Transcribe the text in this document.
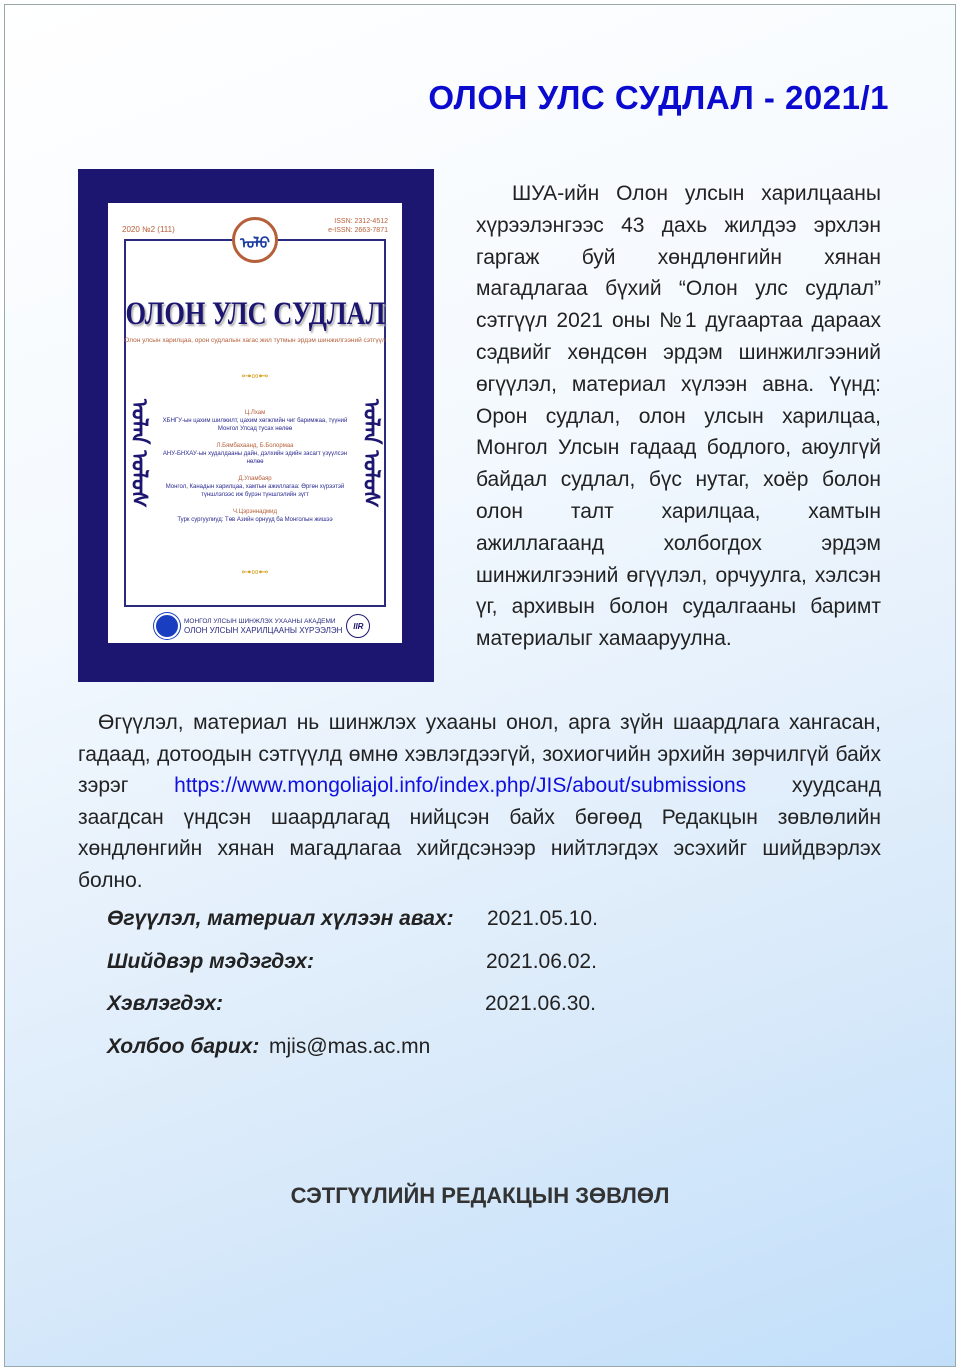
ОЛОН УЛС СУДЛАЛ - 2021/1
2020 №2 (111)
ISSN: 2312-4512
e-ISSN: 2663-7871
ᠤᠯᠤ
ОЛОН УЛС СУДЛАЛ
Олон улсын харилцаа, орон судлалын хагас жил тутмын эрдэм шинжилгээний сэтгүүл
⊶∞⊷
ᠣᠯᠠᠨ ᠤᠯᠤᠰ	ᠣᠯᠠᠨ ᠤᠯᠤᠰ
Ц.Лхам
ХБНГУ-ын цахим шилжилт, цахим хөгжлийн чиг баримжаа, түүний Монгол Улсад тусах нөлөө
Л.Бямбахаанд, Б.Болормаа
АНУ-БНХАУ-ын худалдааны дайн, дэлхийн эдийн засагт үзүүлсэн нөлөө
Д.Уламбаяр
Монгол, Канадын харилцаа, хамтын ажиллагаа: Өргөн хүрээтэй түншлэлээс иж бүрэн түншлэлийн зүгт
Ч.Цэрэннадмид
Турк сургуулиуд: Төв Азийн орнууд ба Монголын жишээ
⊶∞⊷
МОНГОЛ УЛСЫН ШИНЖЛЭХ УХААНЫ АКАДЕМИ
ОЛОН УЛСЫН ХАРИЛЦААНЫ ХҮРЭЭЛЭН	IIR
ШУА-ийн Олон улсын харилцааны хүрээлэнгээс 43 дахь жилдээ эрхлэн гаргаж буй хөндлөнгийн хянан магадлагаа бүхий “Олон улс судлал” сэтгүүл 2021 оны №1 дугаартаа дараах сэдвийг хөндсөн эрдэм шинжилгээний өгүүлэл, материал хүлээн авна. Үүнд: Орон судлал, олон улсын харилцаа, Монгол Улсын гадаад бодлого, аюулгүй байдал судлал, бүс нутаг, хоёр болон олон талт харилцаа, хамтын ажиллагаанд холбогдох эрдэм шинжилгээний өгүүлэл, орчуулга, хэлсэн үг, архивын болон судалгааны баримт материалыг хамааруулна.
Өгүүлэл, материал нь шинжлэх ухааны онол, арга зүйн шаардлага хангасан, гадаад, дотоодын сэтгүүлд өмнө хэвлэгдээгүй, зохиогчийн эрхийн зөрчилгүй байх зэрэг https://www.mongoliajol.info/index.php/JIS/about/submissions хуудсанд заагдсан үндсэн шаардлагад нийцсэн байх бөгөөд Редакцын зөвлөлийн хөндлөнгийн хянан магадлагаа хийгдсэнээр нийтлэгдэх эсэхийг шийдвэрлэх болно.
Өгүүлэл, материал хүлээн авах: 2021.05.10.
Шийдвэр мэдэгдэх:	2021.06.02.
Хэвлэгдэх:	2021.06.30.
Холбоо барих: mjis@mas.ac.mn
СЭТГҮҮЛИЙН РЕДАКЦЫН ЗӨВЛӨЛ
